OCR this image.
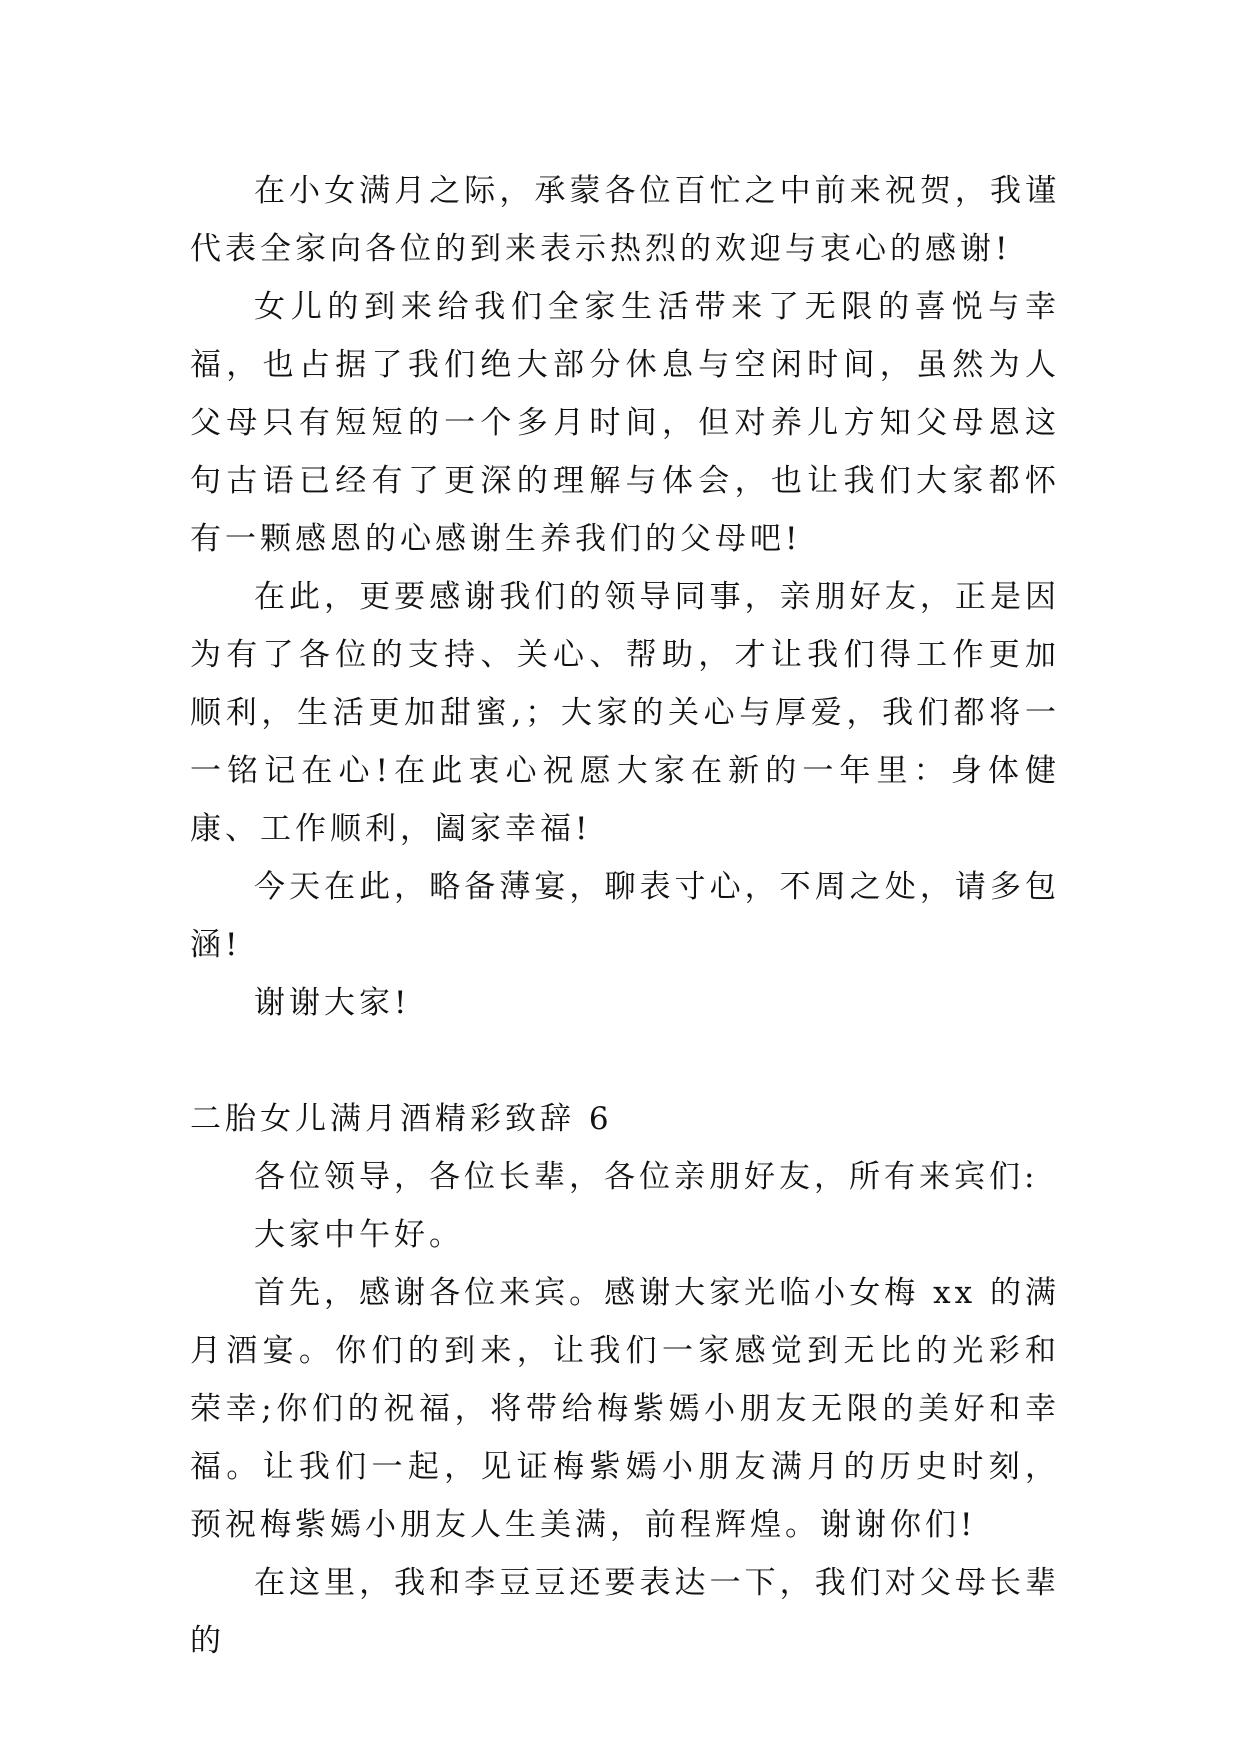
在小女满月之际，承蒙各位百忙之中前来祝贺，我谨代表全家向各位的到来表示热烈的欢迎与衷心的感谢!

女儿的到来给我们全家生活带来了无限的喜悦与幸福，也占据了我们绝大部分休息与空闲时间，虽然为人父母只有短短的一个多月时间，但对养儿方知父母恩这句古语已经有了更深的理解与体会，也让我们大家都怀有一颗感恩的心感谢生养我们的父母吧!

在此，更要感谢我们的领导同事，亲朋好友，正是因为有了各位的支持、关心、帮助，才让我们得工作更加顺利，生活更加甜蜜,；大家的关心与厚爱，我们都将一一铭记在心!在此衷心祝愿大家在新的一年里：身体健康、工作顺利，阖家幸福!

今天在此，略备薄宴，聊表寸心，不周之处，请多包涵!

谢谢大家!

二胎女儿满月酒精彩致辞 6

各位领导，各位长辈，各位亲朋好友，所有来宾们:

大家中午好。

首先，感谢各位来宾。感谢大家光临小女梅 xx 的满月酒宴。你们的到来，让我们一家感觉到无比的光彩和荣幸;你们的祝福，将带给梅紫嫣小朋友无限的美好和幸福。让我们一起，见证梅紫嫣小朋友满月的历史时刻，预祝梅紫嫣小朋友人生美满，前程辉煌。谢谢你们!

在这里，我和李豆豆还要表达一下，我们对父母长辈的
